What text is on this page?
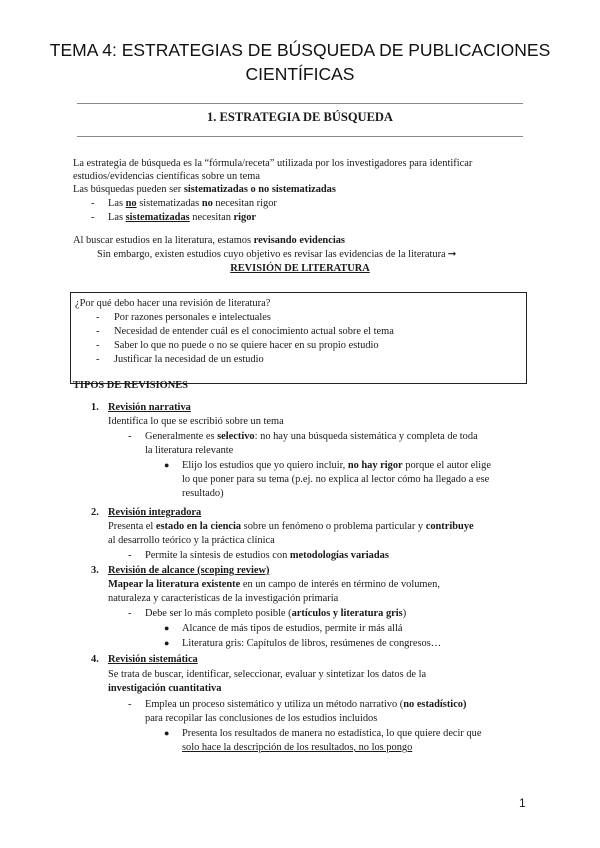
TEMA 4: ESTRATEGIAS DE BÚSQUEDA DE PUBLICACIONES
CIENTÍFICAS
1. ESTRATEGIA DE BÚSQUEDA
La estrategia de búsqueda es la “fórmula/receta” utilizada por los investigadores para identificar
estudios/evidencias científicas sobre un tema
Las búsquedas pueden ser sistematizadas o no sistematizadas
- Las no sistematizadas no necesitan rigor
- Las sistematizadas necesitan rigor
Al buscar estudios en la literatura, estamos revisando evidencias
Sin embargo, existen estudios cuyo objetivo es revisar las evidencias de la literatura ➞
REVISIÓN DE LITERATURA
¿Por qué debo hacer una revisión de literatura?
- Por razones personales e intelectuales
- Necesidad de entender cuál es el conocimiento actual sobre el tema
- Saber lo que no puede o no se quiere hacer en su propio estudio
- Justificar la necesidad de un estudio
TIPOS DE REVISIONES
1. Revisión narrativa
Identifica lo que se escribió sobre un tema
- Generalmente es selectivo: no hay una búsqueda sistemática y completa de toda
la literatura relevante
● Elijo los estudios que yo quiero incluir, no hay rigor porque el autor elige
lo que poner para su tema (p.ej. no explica al lector cómo ha llegado a ese
resultado)
2. Revisión integradora
Presenta el estado en la ciencia sobre un fenómeno o problema particular y contribuye
al desarrollo teórico y la práctica clínica
- Permite la síntesis de estudios con metodologías variadas
3. Revisión de alcance (scoping review)
Mapear la literatura existente en un campo de interés en término de volumen,
naturaleza y características de la investigación primaria
- Debe ser lo más completo posible (artículos y literatura gris)
● Alcance de más tipos de estudios, permite ir más allá
● Literatura gris: Capítulos de libros, resúmenes de congresos…
4. Revisión sistemática
Se trata de buscar, identificar, seleccionar, evaluar y sintetizar los datos de la
investigación cuantitativa
- Emplea un proceso sistemático y utiliza un método narrativo (no estadístico)
para recopilar las conclusiones de los estudios incluidos
● Presenta los resultados de manera no estadística, lo que quiere decir que
solo hace la descripción de los resultados, no los pongo
1
